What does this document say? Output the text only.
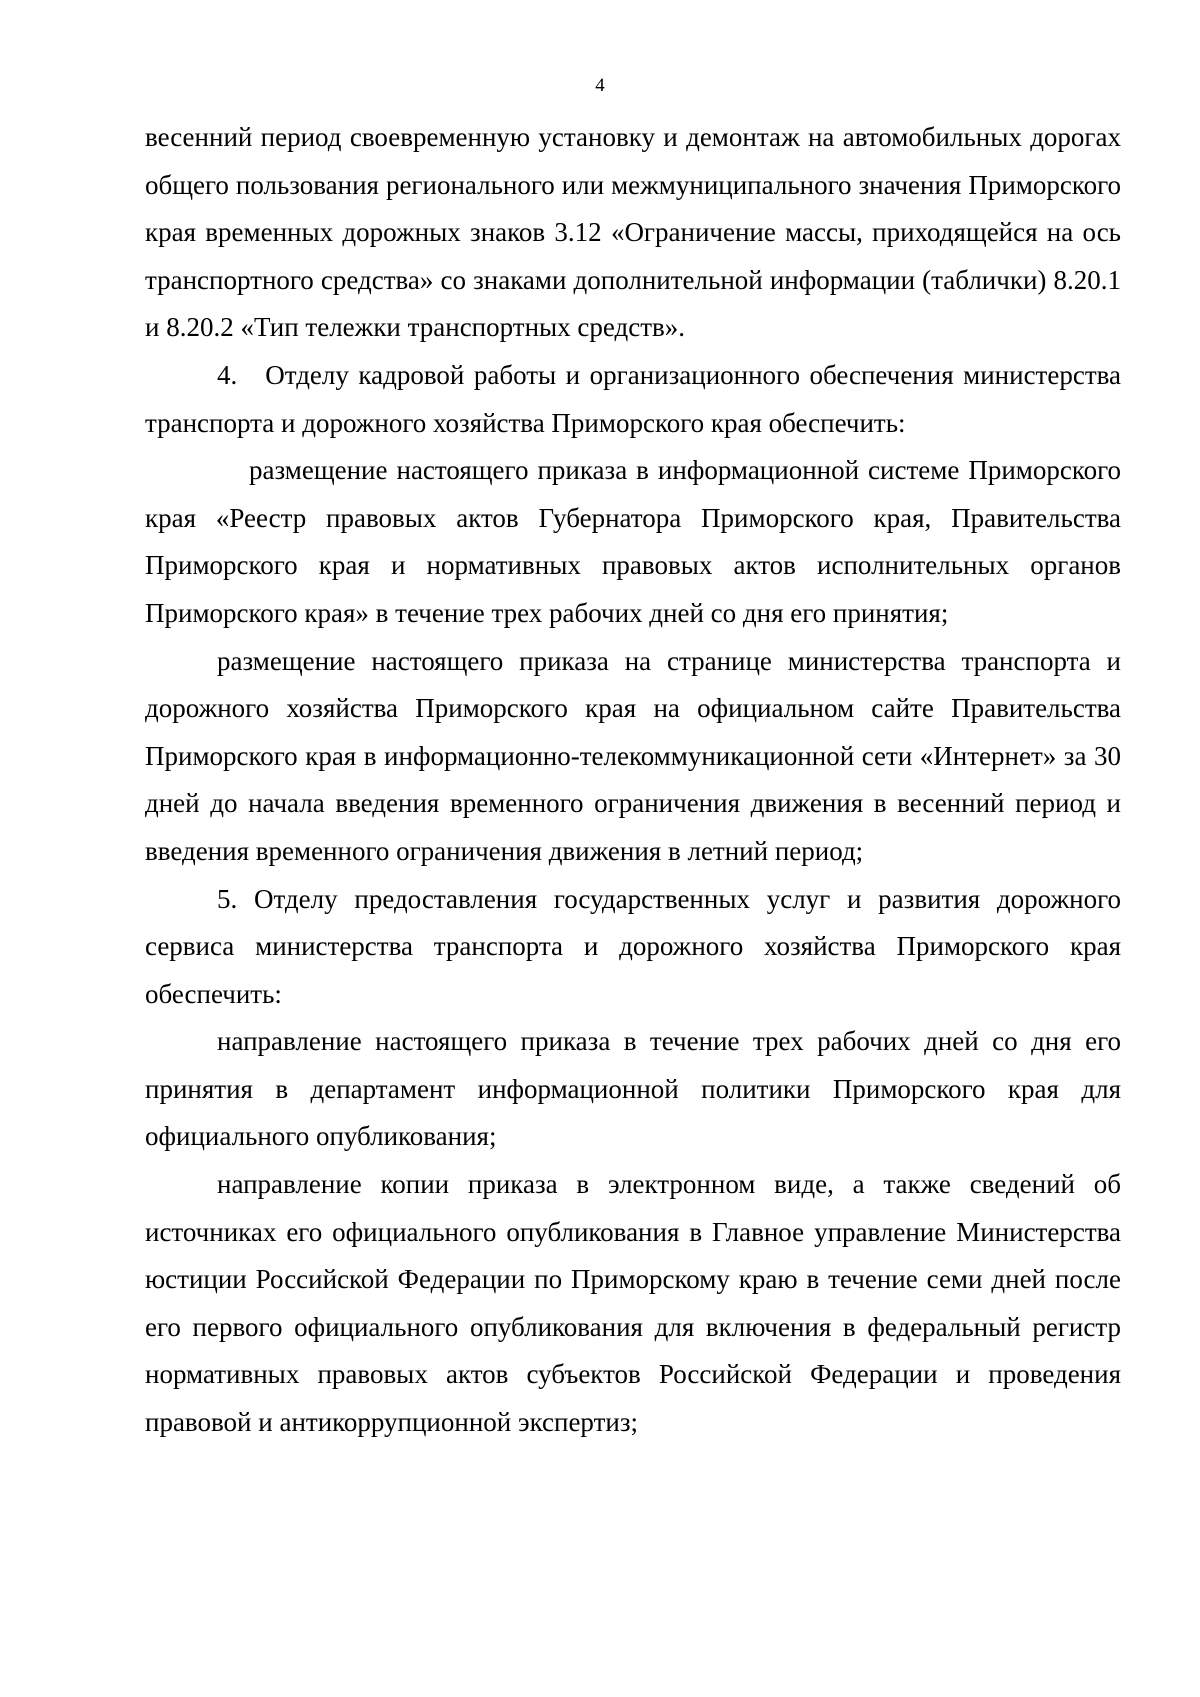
4

весенний период своевременную установку и демонтаж на автомобильных дорогах общего пользования регионального или межмуниципального значения Приморского края временных дорожных знаков 3.12 «Ограничение массы, приходящейся на ось транспортного средства» со знаками дополнительной информации (таблички) 8.20.1 и 8.20.2 «Тип тележки транспортных средств».

4. Отделу кадровой работы и организационного обеспечения министерства транспорта и дорожного хозяйства Приморского края обеспечить:

размещение настоящего приказа в информационной системе Приморского края «Реестр правовых актов Губернатора Приморского края, Правительства Приморского края и нормативных правовых актов исполнительных органов Приморского края» в течение трех рабочих дней со дня его принятия;

размещение настоящего приказа на странице министерства транспорта и дорожного хозяйства Приморского края на официальном сайте Правительства Приморского края в информационно-телекоммуникационной сети «Интернет» за 30 дней до начала введения временного ограничения движения в весенний период и введения временного ограничения движения в летний период;

5. Отделу предоставления государственных услуг и развития дорожного сервиса министерства транспорта и дорожного хозяйства Приморского края обеспечить:

направление настоящего приказа в течение трех рабочих дней со дня его принятия в департамент информационной политики Приморского края для официального опубликования;

направление копии приказа в электронном виде, а также сведений об источниках его официального опубликования в Главное управление Министерства юстиции Российской Федерации по Приморскому краю в течение семи дней после его первого официального опубликования для включения в федеральный регистр нормативных правовых актов субъектов Российской Федерации и проведения правовой и антикоррупционной экспертиз;
